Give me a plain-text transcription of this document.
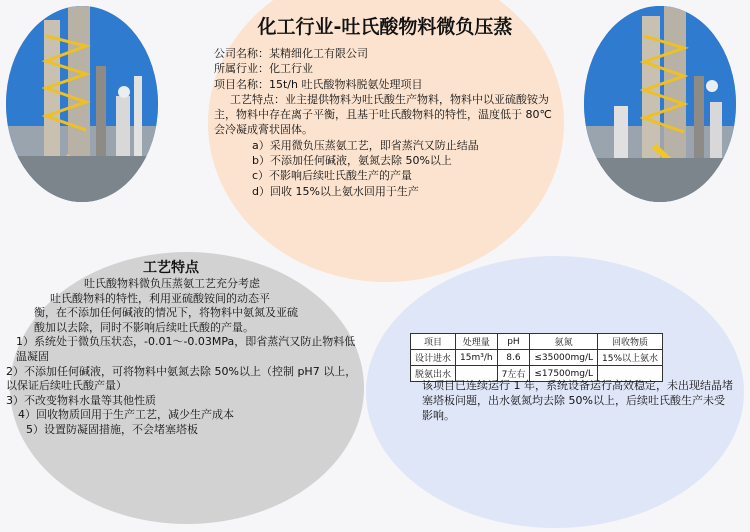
化工行业-吐氏酸物料微负压蒸
公司名称：某精细化工有限公司
所属行业：化工行业
项目名称：15t/h 吐氏酸物料脱氨处理项目
工艺特点：业主提供物料为吐氏酸生产物料，物料中以亚硫酸铵为主，物料中存在离子平衡，且基于吐氏酸物料的特性，温度低于 80℃会冷凝成膏状固体。
a）采用微负压蒸氨工艺，即省蒸汽又防止结晶
b）不添加任何碱液，氨氮去除 50%以上
c）不影响后续吐氏酸生产的产量
d）回收 15%以上氨水回用于生产
工艺特点
吐氏酸物料微负压蒸氨工艺充分考虑
吐氏酸物料的特性，利用亚硫酸铵间的动态平
衡，在不添加任何碱液的情况下，将物料中氨氮及亚硫
酸加以去除，同时不影响后续吐氏酸的产量。
1）系统处于微负压状态，-0.01～-0.03MPa，即省蒸汽又防止物料低温凝固
2）不添加任何碱液，可将物料中氨氮去除 50%以上（控制 pH7 以上，以保证后续吐氏酸产量）
3）不改变物料水量等其他性质
4）回收物质回用于生产工艺，减少生产成本
5）设置防凝固措施，不会堵塞塔板
项目	处理量	pH	氨氮	回收物质
设计进水	15m³/h	8.6	≤35000mg/L	15%以上氨水
脱氨出水		7左右	≤17500mg/L	
该项目已连续运行 1 年，系统设备运行高效稳定，未出现结晶堵塞塔板问题，出水氨氮均去除 50%以上，后续吐氏酸生产未受影响。
